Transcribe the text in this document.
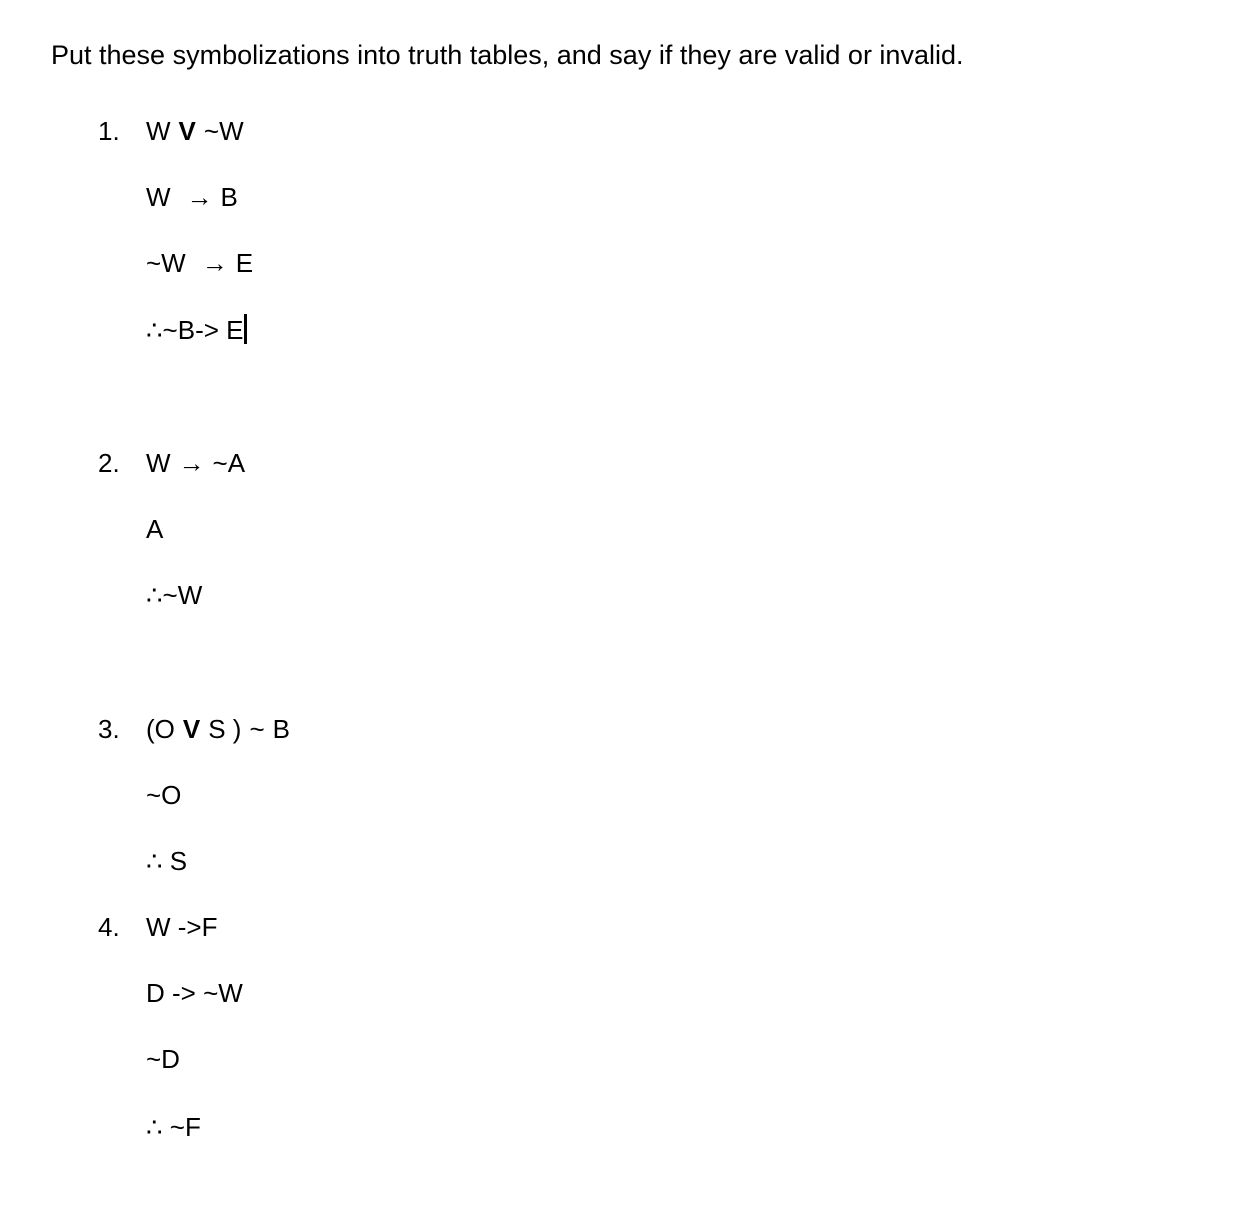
Put these symbolizations into truth tables, and say if they are valid or invalid.
1. W V ~W
W → B
~W → E
∴~B-> E
2. W → ~A
A
∴~W
3. (O V S ) ~ B
~O
∴ S
4. W ->F
D -> ~W
~D
∴ ~F
